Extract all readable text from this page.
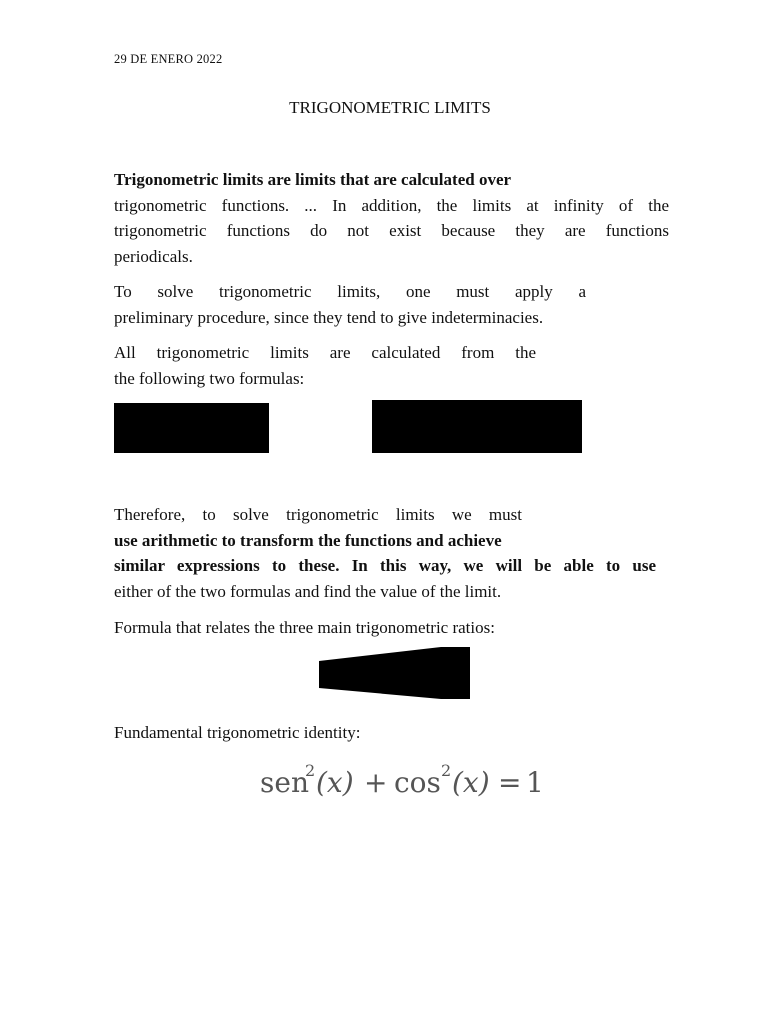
29 DE ENERO 2022
TRIGONOMETRIC LIMITS
Trigonometric limits are limits that are calculated over
trigonometric functions. ... In addition, the limits at infinity of the
trigonometric functions do not exist because they are functions
periodicals.
To solve trigonometric limits, one must apply a
preliminary procedure, since they tend to give indeterminacies.
All trigonometric limits are calculated from the
the following two formulas:
Therefore, to solve trigonometric limits we must
use arithmetic to transform the functions and achieve
similar expressions to these. In this way, we will be able to use
either of the two formulas and find the value of the limit.
Formula that relates the three main trigonometric ratios:
Fundamental trigonometric identity:
sen
2 (x) + cos 2 (x) = 1
